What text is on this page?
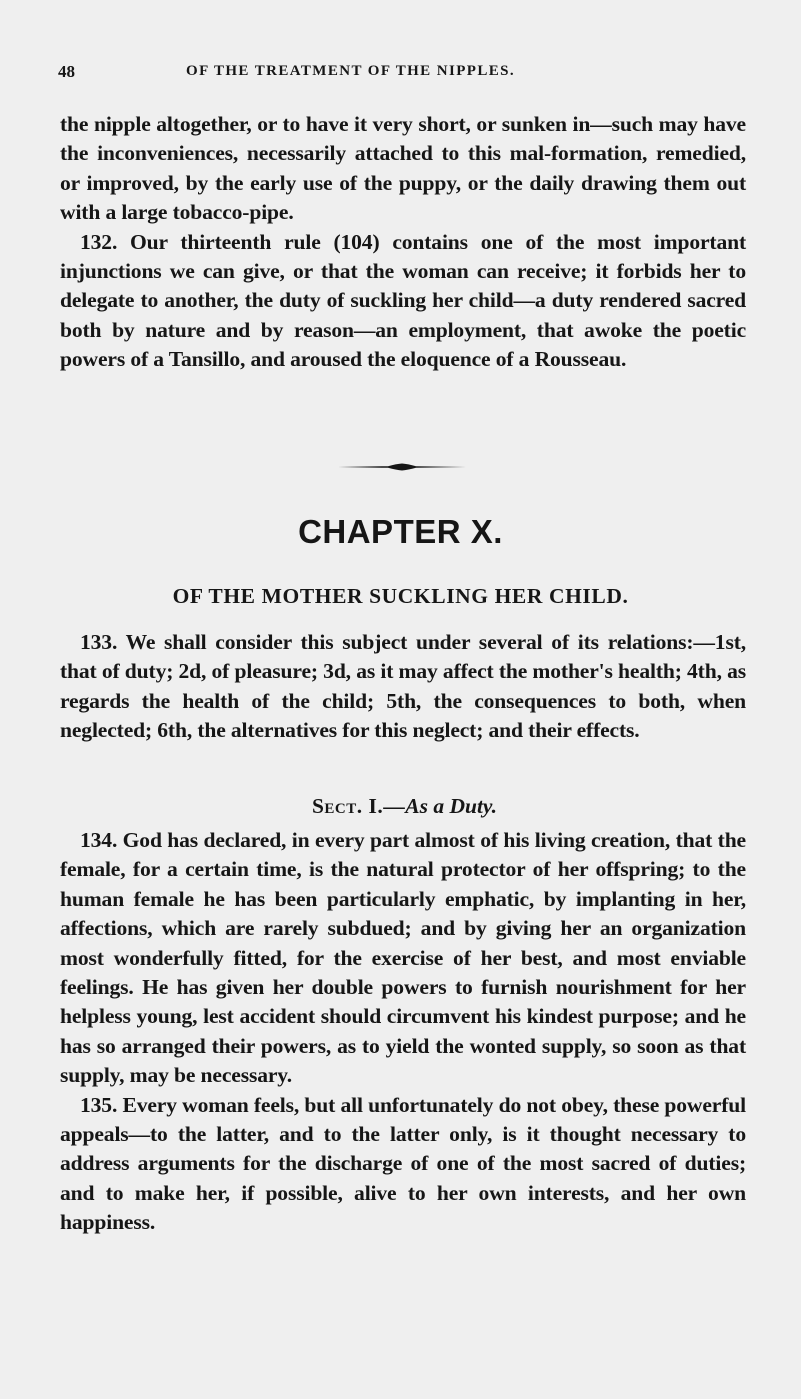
48	OF THE TREATMENT OF THE NIPPLES.

the nipple altogether, or to have it very short, or sunken in—such may have the inconveniences, necessarily attached to this mal-formation, remedied, or improved, by the early use of the puppy, or the daily drawing them out with a large tobacco-pipe.

132. Our thirteenth rule (104) contains one of the most important injunctions we can give, or that the woman can receive; it forbids her to delegate to another, the duty of suckling her child—a duty rendered sacred both by nature and by reason—an employment, that awoke the poetic powers of a Tansillo, and aroused the eloquence of a Rousseau.

CHAPTER X.
OF THE MOTHER SUCKLING HER CHILD.

133. We shall consider this subject under several of its relations:—1st, that of duty; 2d, of pleasure; 3d, as it may affect the mother's health; 4th, as regards the health of the child; 5th, the consequences to both, when neglected; 6th, the alternatives for this neglect; and their effects.

Sect. I.—As a Duty.

134. God has declared, in every part almost of his living creation, that the female, for a certain time, is the natural protector of her offspring; to the human female he has been particularly emphatic, by implanting in her, affections, which are rarely subdued; and by giving her an organization most wonderfully fitted, for the exercise of her best, and most enviable feelings. He has given her double powers to furnish nourishment for her helpless young, lest accident should circumvent his kindest purpose; and he has so arranged their powers, as to yield the wonted supply, so soon as that supply, may be necessary.

135. Every woman feels, but all unfortunately do not obey, these powerful appeals—to the latter, and to the latter only, is it thought necessary to address arguments for the discharge of one of the most sacred of duties; and to make her, if possible, alive to her own interests, and her own happiness.
